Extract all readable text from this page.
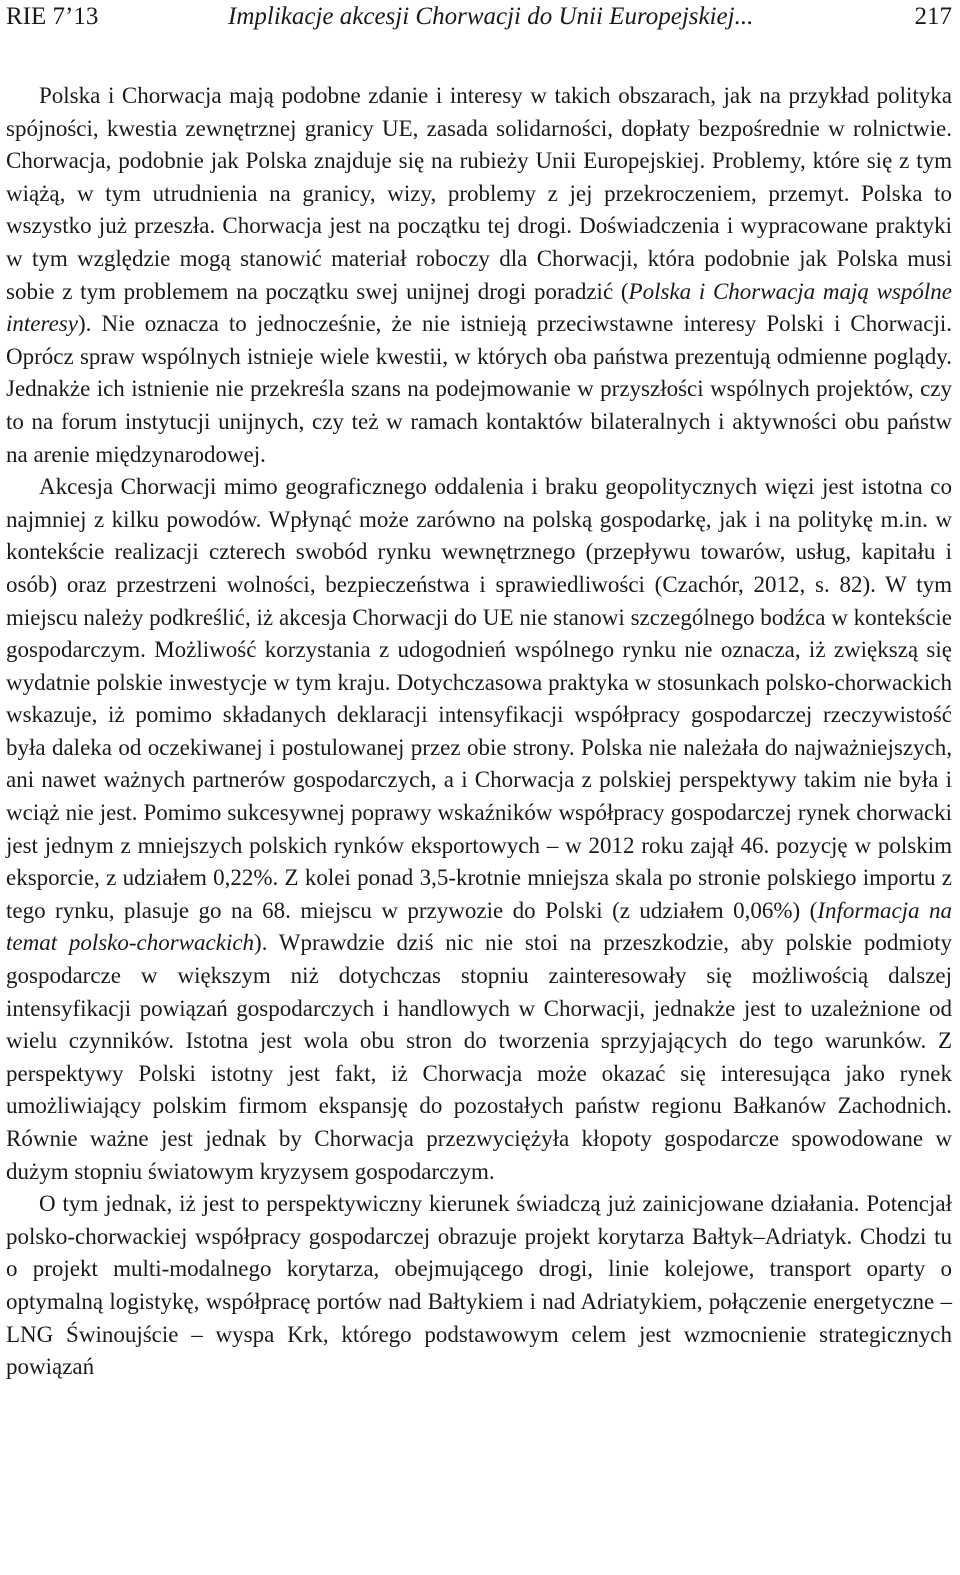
RIE 7’13	Implikacje akcesji Chorwacji do Unii Europejskiej...	217

Polska i Chorwacja mają podobne zdanie i interesy w takich obszarach, jak na przykład polityka spójności, kwestia zewnętrznej granicy UE, zasada solidarności, dopłaty bezpośrednie w rolnictwie. Chorwacja, podobnie jak Polska znajduje się na rubieży Unii Europejskiej. Problemy, które się z tym wiążą, w tym utrudnienia na granicy, wizy, problemy z jej przekroczeniem, przemyt. Polska to wszystko już przeszła. Chorwacja jest na początku tej drogi. Doświadczenia i wypracowane praktyki w tym względzie mogą stanowić materiał roboczy dla Chorwacji, która podobnie jak Polska musi sobie z tym problemem na początku swej unijnej drogi poradzić (Polska i Chorwacja mają wspólne interesy). Nie oznacza to jednocześnie, że nie istnieją przeciwstawne interesy Polski i Chorwacji. Oprócz spraw wspólnych istnieje wiele kwestii, w których oba państwa prezentują odmienne poglądy. Jednakże ich istnienie nie przekreśla szans na podejmowanie w przyszłości wspólnych projektów, czy to na forum instytucji unijnych, czy też w ramach kontaktów bilateralnych i aktywności obu państw na arenie międzynarodowej.

Akcesja Chorwacji mimo geograficznego oddalenia i braku geopolitycznych więzi jest istotna co najmniej z kilku powodów. Wpłynąć może zarówno na polską gospodarkę, jak i na politykę m.in. w kontekście realizacji czterech swobód rynku wewnętrznego (przepływu towarów, usług, kapitału i osób) oraz przestrzeni wolności, bezpieczeństwa i sprawiedliwości (Czachór, 2012, s. 82). W tym miejscu należy podkreślić, iż akcesja Chorwacji do UE nie stanowi szczególnego bodźca w kontekście gospodarczym. Możliwość korzystania z udogodnień wspólnego rynku nie oznacza, iż zwiększą się wydatnie polskie inwestycje w tym kraju. Dotychczasowa praktyka w stosunkach polsko-chorwackich wskazuje, iż pomimo składanych deklaracji intensyfikacji współpracy gospodarczej rzeczywistość była daleka od oczekiwanej i postulowanej przez obie strony. Polska nie należała do najważniejszych, ani nawet ważnych partnerów gospodarczych, a i Chorwacja z polskiej perspektywy takim nie była i wciąż nie jest. Pomimo sukcesywnej poprawy wskaźników współpracy gospodarczej rynek chorwacki jest jednym z mniejszych polskich rynków eksportowych – w 2012 roku zajął 46. pozycję w polskim eksporcie, z udziałem 0,22%. Z kolei ponad 3,5-krotnie mniejsza skala po stronie polskiego importu z tego rynku, plasuje go na 68. miejscu w przywozie do Polski (z udziałem 0,06%) (Informacja na temat polsko-chorwackich). Wprawdzie dziś nic nie stoi na przeszkodzie, aby polskie podmioty gospodarcze w większym niż dotychczas stopniu zainteresowały się możliwością dalszej intensyfikacji powiązań gospodarczych i handlowych w Chorwacji, jednakże jest to uzależnione od wielu czynników. Istotna jest wola obu stron do tworzenia sprzyjających do tego warunków. Z perspektywy Polski istotny jest fakt, iż Chorwacja może okazać się interesująca jako rynek umożliwiający polskim firmom ekspansję do pozostałych państw regionu Bałkanów Zachodnich. Równie ważne jest jednak by Chorwacja przezwyciężyła kłopoty gospodarcze spowodowane w dużym stopniu światowym kryzysem gospodarczym.

O tym jednak, iż jest to perspektywiczny kierunek świadczą już zainicjowane działania. Potencjał polsko-chorwackiej współpracy gospodarczej obrazuje projekt korytarza Bałtyk–Adriatyk. Chodzi tu o projekt multi-modalnego korytarza, obejmującego drogi, linie kolejowe, transport oparty o optymalną logistykę, współpracę portów nad Bałtykiem i nad Adriatykiem, połączenie energetyczne – LNG Świnoujście – wyspa Krk, którego podstawowym celem jest wzmocnienie strategicznych powiązań
